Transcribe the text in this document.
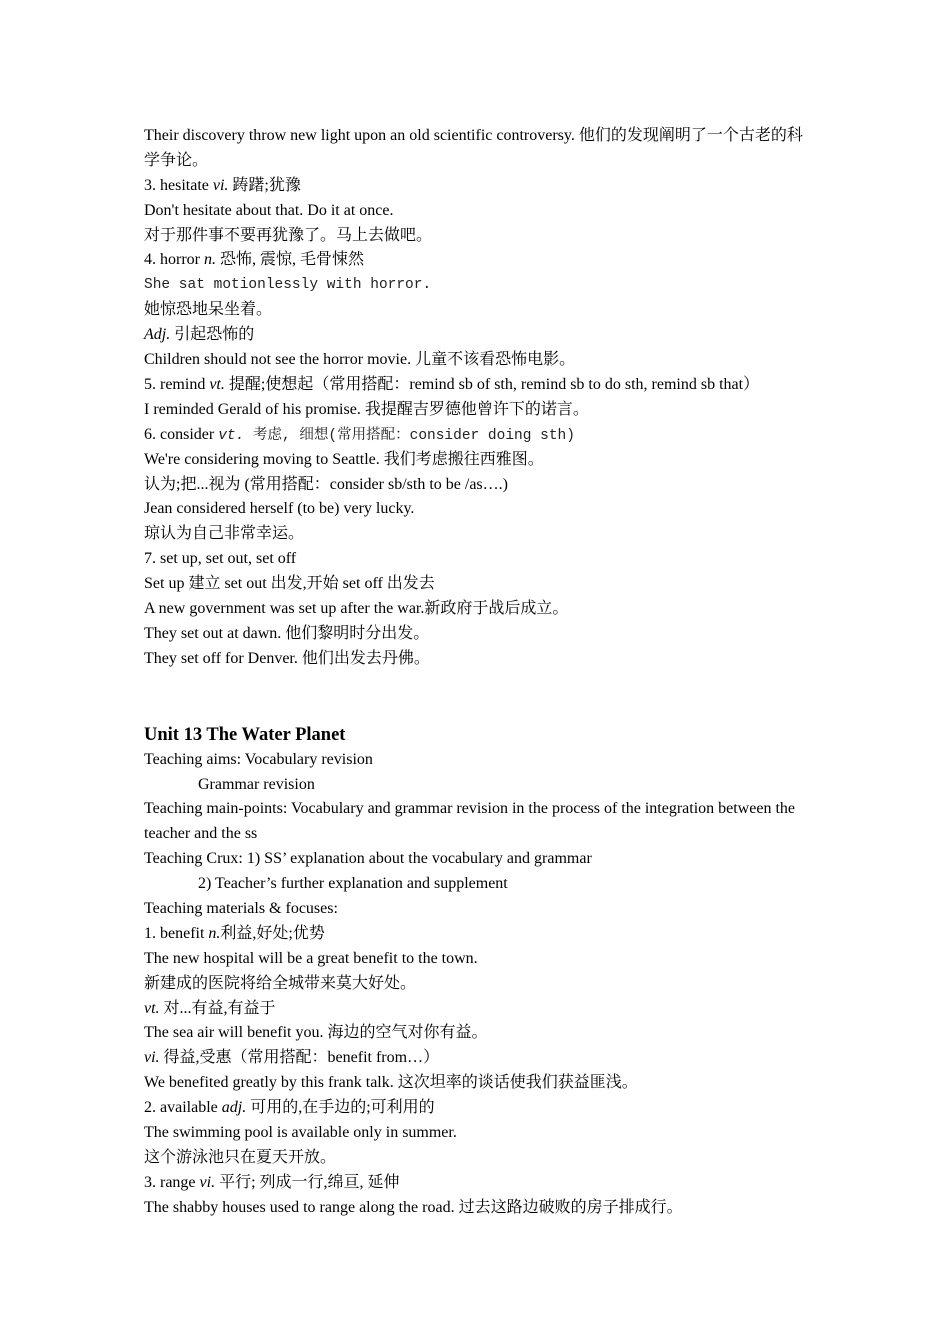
Their discovery throw new light upon an old scientific controversy. 他们的发现阐明了一个古老的科学争论。
3. hesitate vi. 踌躇;犹豫
Don't hesitate about that. Do it at once.
对于那件事不要再犹豫了。马上去做吧。
4. horror n. 恐怖, 震惊, 毛骨悚然
She sat motionlessly with horror.
她惊恐地呆坐着。
Adj. 引起恐怖的
Children should not see the horror movie. 儿童不该看恐怖电影。
5. remind vt. 提醒;使想起（常用搭配：remind sb of sth, remind sb to do sth, remind sb that）
I reminded Gerald of his promise. 我提醒吉罗德他曾许下的诺言。
6. consider vt. 考虑, 细想(常用搭配：consider doing sth)
We're considering moving to Seattle. 我们考虑搬往西雅图。
认为;把...视为 (常用搭配：consider sb/sth to be /as….)
Jean considered herself (to be) very lucky.
琼认为自己非常幸运。
7. set up, set out, set off
Set up 建立 set out 出发,开始 set off 出发去
A new government was set up after the war.新政府于战后成立。
They set out at dawn. 他们黎明时分出发。
They set off for Denver. 他们出发去丹佛。
Unit 13 The Water Planet
Teaching aims: Vocabulary revision
Grammar revision
Teaching main-points: Vocabulary and grammar revision in the process of the integration between the teacher and the ss
Teaching Crux: 1) SS’ explanation about the vocabulary and grammar
2) Teacher’s further explanation and supplement
Teaching materials & focuses:
1. benefit n.利益,好处;优势
The new hospital will be a great benefit to the town.
新建成的医院将给全城带来莫大好处。
vt. 对...有益,有益于
The sea air will benefit you. 海边的空气对你有益。
vi. 得益,受惠（常用搭配：benefit from…）
We benefited greatly by this frank talk. 这次坦率的谈话使我们获益匪浅。
2. available adj. 可用的,在手边的;可利用的
The swimming pool is available only in summer.
这个游泳池只在夏天开放。
3. range vi. 平行; 列成一行,绵亘, 延伸
The shabby houses used to range along the road. 过去这路边破败的房子排成行。
